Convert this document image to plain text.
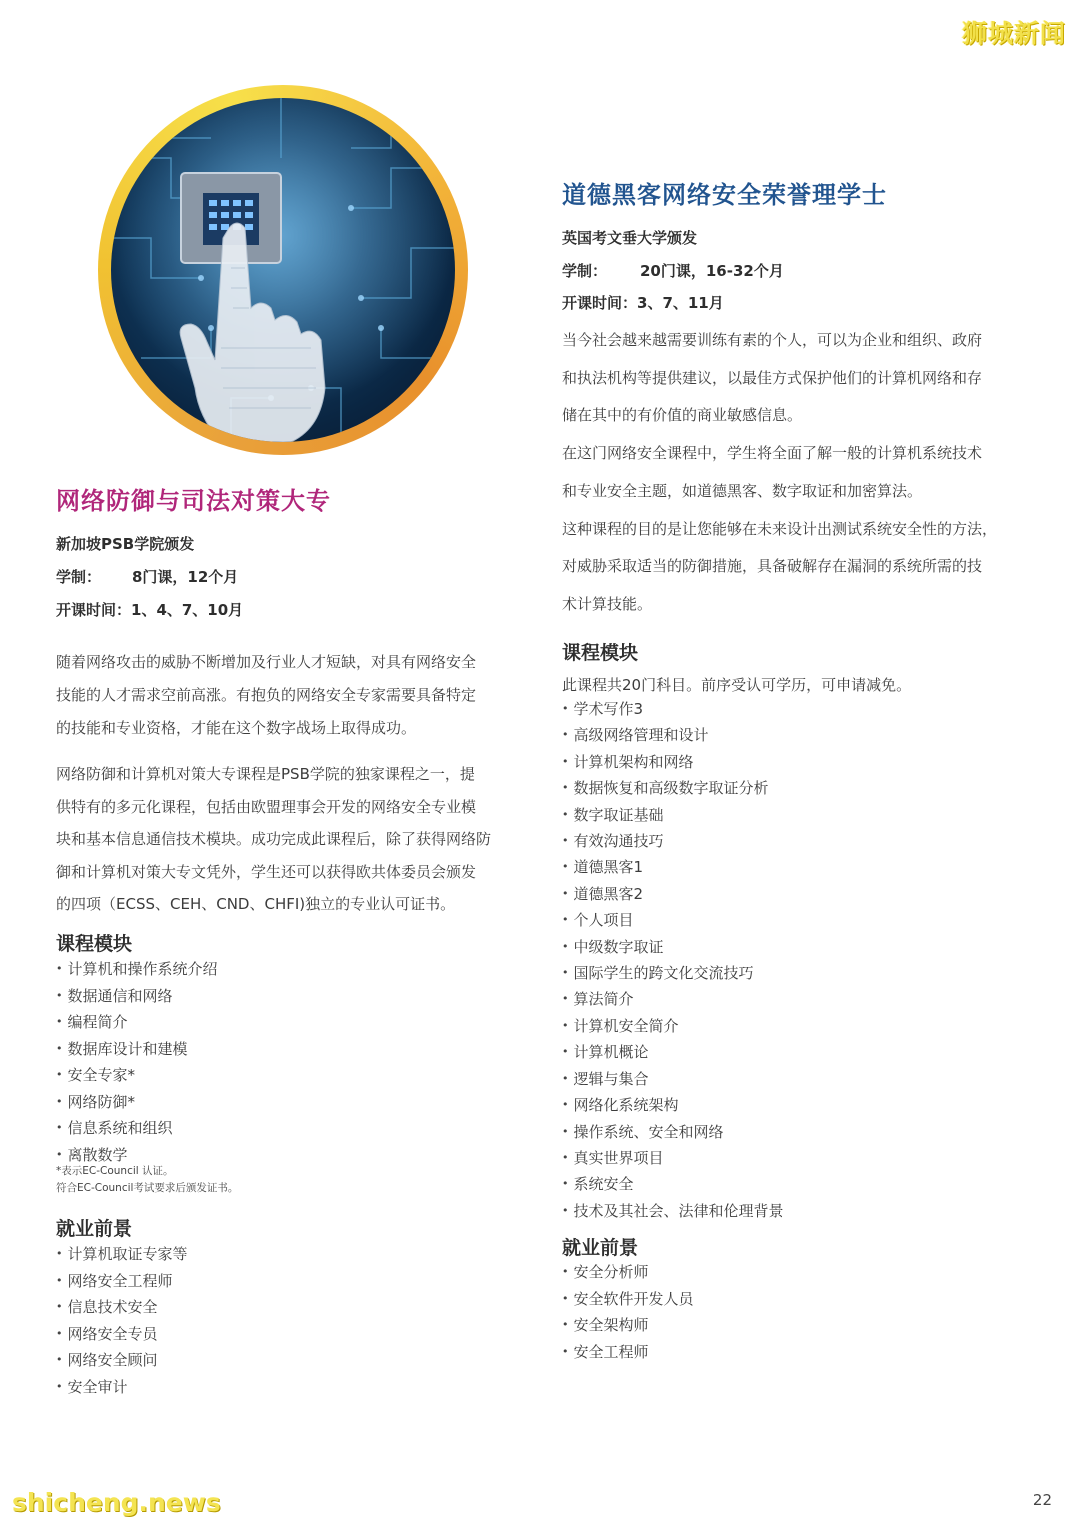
狮城新闻
shicheng.news	22
网络防御与司法对策大专
新加坡PSB学院颁发
学制： 8门课，12个月
开课时间：1、4、7、10月
随着网络攻击的威胁不断增加及行业人才短缺，对具有网络安全
技能的人才需求空前高涨。有抱负的网络安全专家需要具备特定
的技能和专业资格，才能在这个数字战场上取得成功。
网络防御和计算机对策大专课程是PSB学院的独家课程之一，提
供特有的多元化课程，包括由欧盟理事会开发的网络安全专业模
块和基本信息通信技术模块。成功完成此课程后，除了获得网络防
御和计算机对策大专文凭外，学生还可以获得欧共体委员会颁发
的四项（ECSS、CEH、CND、CHFI)独立的专业认可证书。
课程模块
• 计算机和操作系统介绍
• 数据通信和网络
• 编程简介
• 数据库设计和建模
• 安全专家*
• 网络防御*
• 信息系统和组织
• 离散数学
*表示EC-Council 认证。
符合EC-Council考试要求后颁发证书。
就业前景
• 计算机取证专家等
• 网络安全工程师
• 信息技术安全
• 网络安全专员
• 网络安全顾问
• 安全审计
道德黑客网络安全荣誉理学士
英国考文垂大学颁发
学制： 20门课，16-32个月
开课时间：3、7、11月
当今社会越来越需要训练有素的个人，可以为企业和组织、政府
和执法机构等提供建议，以最佳方式保护他们的计算机网络和存
储在其中的有价值的商业敏感信息。
在这门网络安全课程中，学生将全面了解一般的计算机系统技术
和专业安全主题，如道德黑客、数字取证和加密算法。
这种课程的目的是让您能够在未来设计出测试系统安全性的方法，
对威胁采取适当的防御措施，具备破解存在漏洞的系统所需的技
术计算技能。
课程模块
此课程共20门科目。前序受认可学历，可申请减免。
• 学术写作3
• 高级网络管理和设计
• 计算机架构和网络
• 数据恢复和高级数字取证分析
• 数字取证基础
• 有效沟通技巧
• 道德黑客1
• 道德黑客2
• 个人项目
• 中级数字取证
• 国际学生的跨文化交流技巧
• 算法简介
• 计算机安全简介
• 计算机概论
• 逻辑与集合
• 网络化系统架构
• 操作系统、安全和网络
• 真实世界项目
• 系统安全
• 技术及其社会、法律和伦理背景
就业前景
• 安全分析师
• 安全软件开发人员
• 安全架构师
• 安全工程师
